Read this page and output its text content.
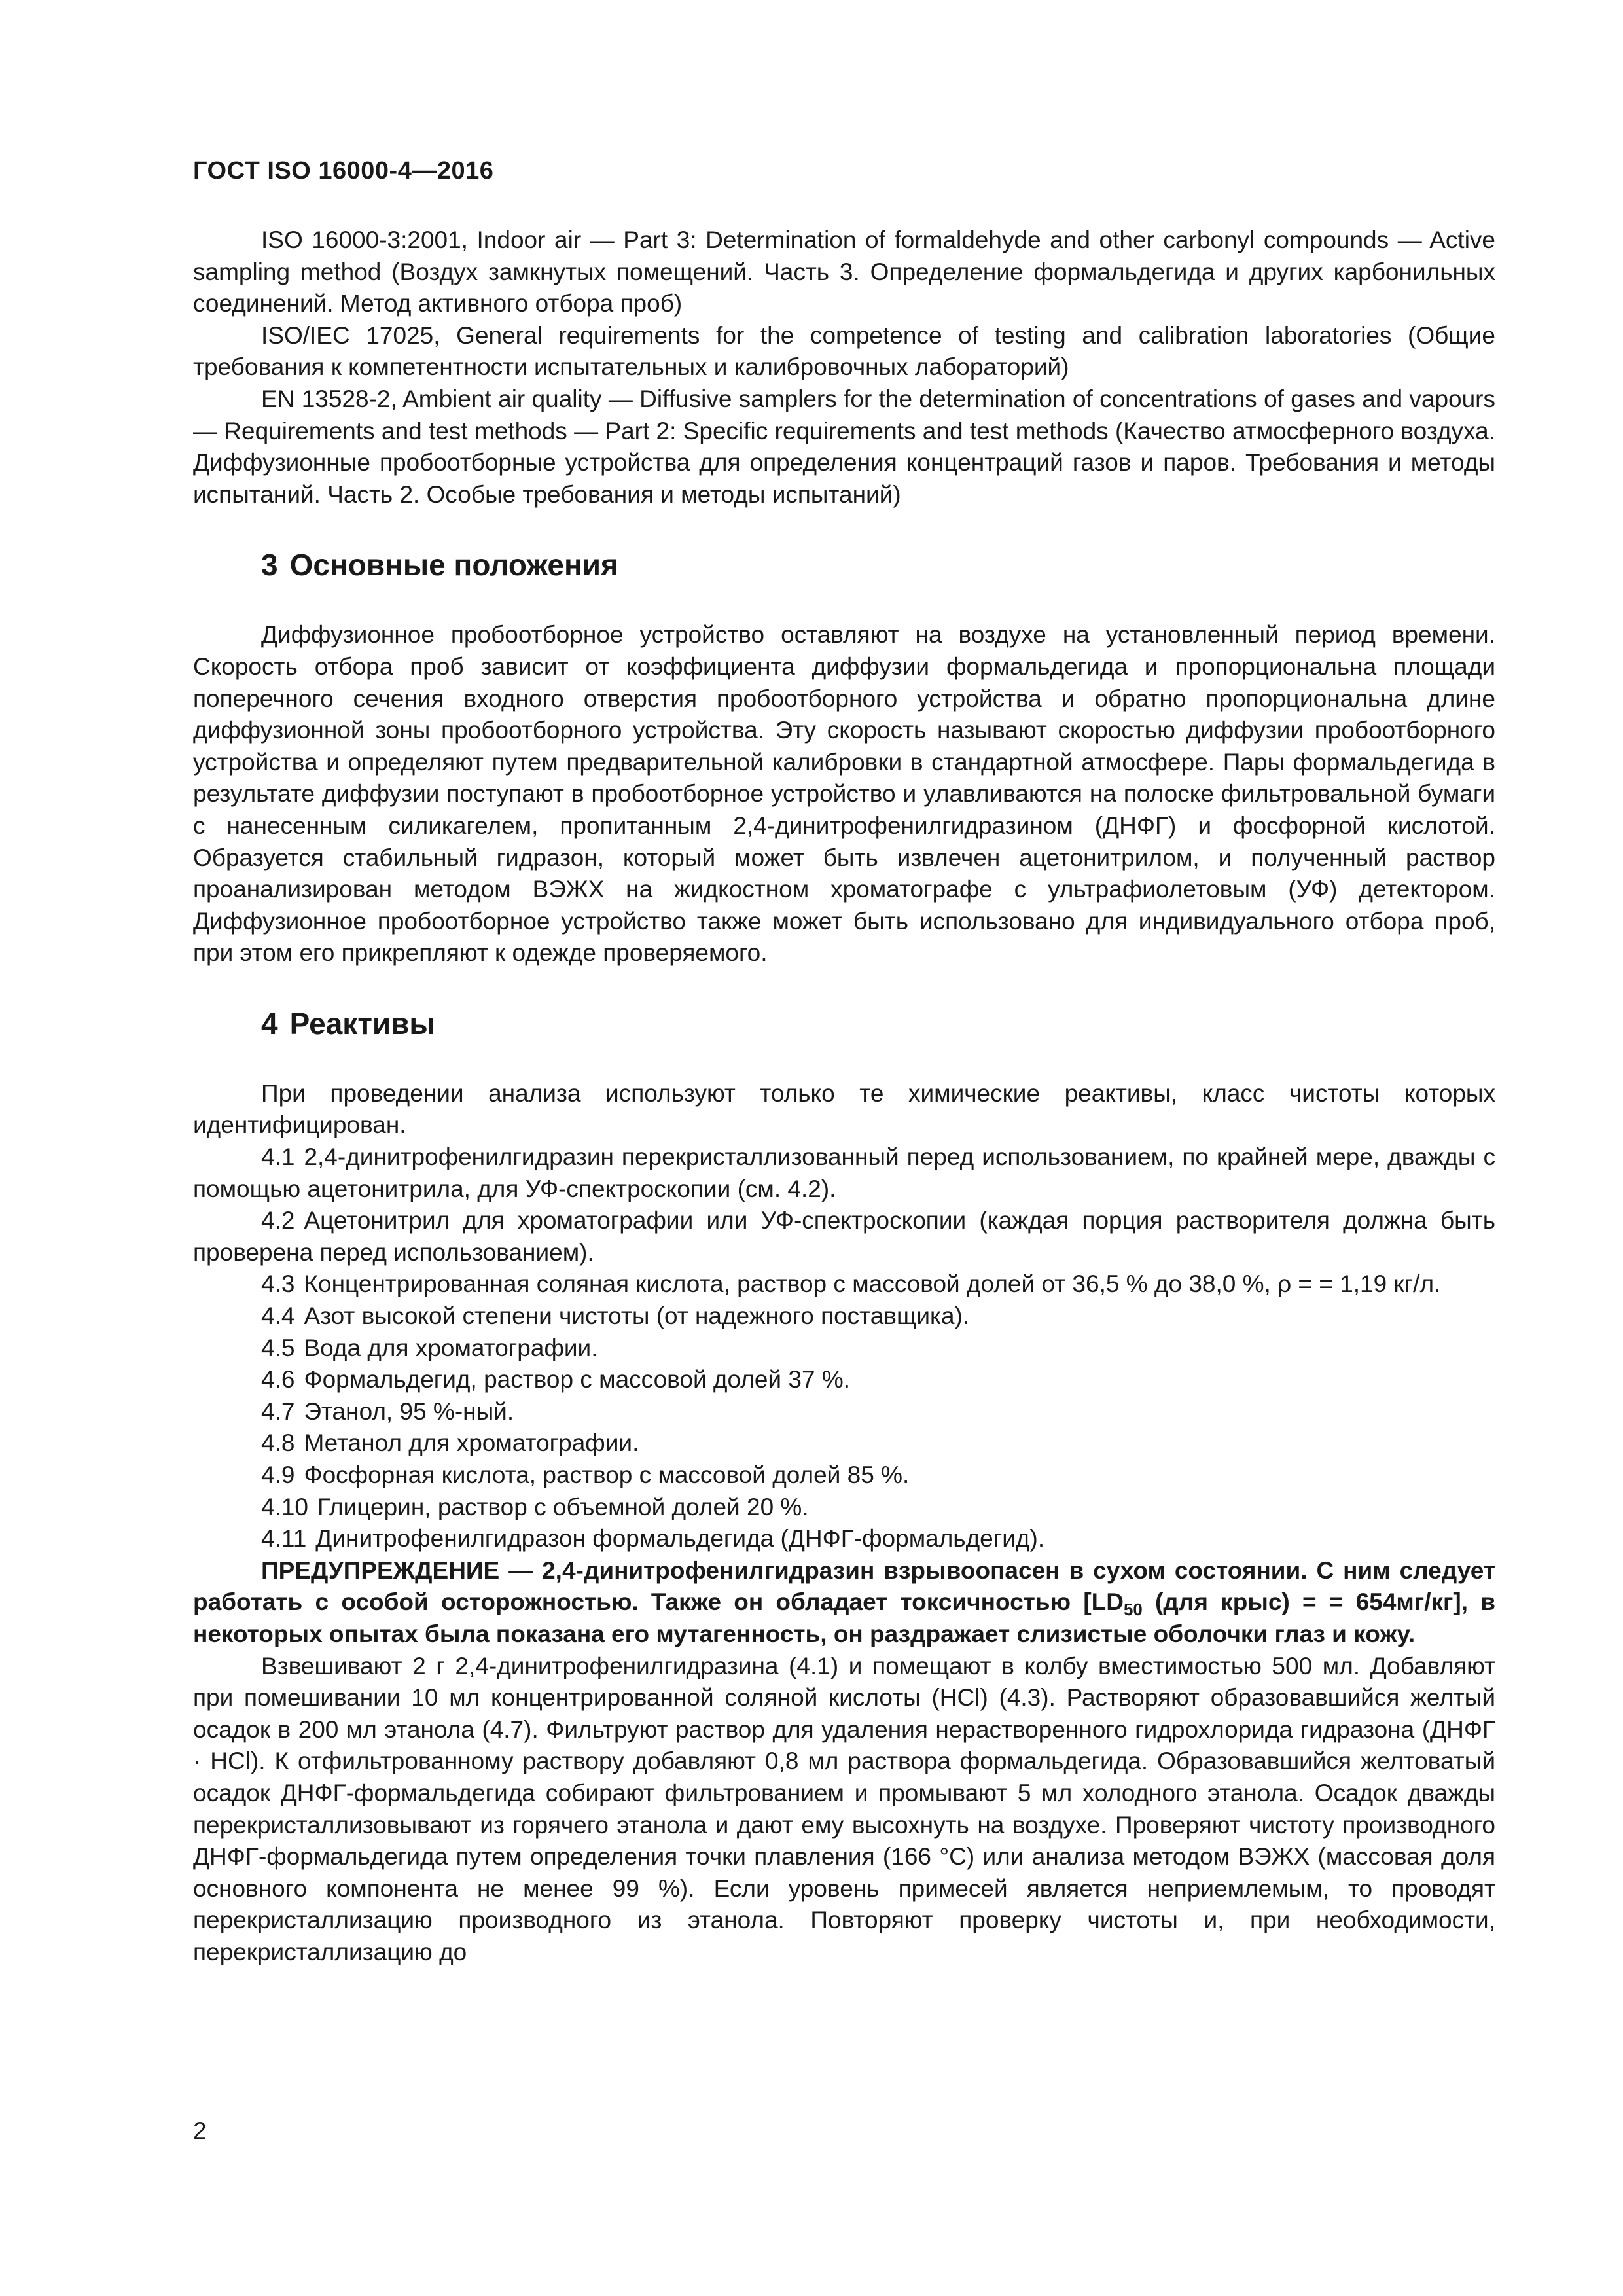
ГОСТ ISO 16000-4—2016

ISO 16000-3:2001, Indoor air — Part 3: Determination of formaldehyde and other carbonyl compounds — Active sampling method (Воздух замкнутых помещений. Часть 3. Определение формальдегида и других карбонильных соединений. Метод активного отбора проб)

ISO/IEC 17025, General requirements for the competence of testing and calibration laboratories (Общие требования к компетентности испытательных и калибровочных лабораторий)

EN 13528-2, Ambient air quality — Diffusive samplers for the determination of concentrations of gases and vapours — Requirements and test methods — Part 2: Specific requirements and test methods (Качество атмосферного воздуха. Диффузионные пробоотборные устройства для определения концентраций газов и паров. Требования и методы испытаний. Часть 2. Особые требования и методы испытаний)

3 Основные положения

Диффузионное пробоотборное устройство оставляют на воздухе на установленный период времени. Скорость отбора проб зависит от коэффициента диффузии формальдегида и пропорциональна площади поперечного сечения входного отверстия пробоотборного устройства и обратно пропорциональна длине диффузионной зоны пробоотборного устройства. Эту скорость называют скоростью диффузии пробоотборного устройства и определяют путем предварительной калибровки в стандартной атмосфере. Пары формальдегида в результате диффузии поступают в пробоотборное устройство и улавливаются на полоске фильтровальной бумаги с нанесенным силикагелем, пропитанным 2,4-динитрофенилгидразином (ДНФГ) и фосфорной кислотой. Образуется стабильный гидразон, который может быть извлечен ацетонитрилом, и полученный раствор проанализирован методом ВЭЖХ на жидкостном хроматографе с ультрафиолетовым (УФ) детектором. Диффузионное пробоотборное устройство также может быть использовано для индивидуального отбора проб, при этом его прикрепляют к одежде проверяемого.

4 Реактивы

При проведении анализа используют только те химические реактивы, класс чистоты которых идентифицирован.

4.1 2,4-динитрофенилгидразин перекристаллизованный перед использованием, по крайней мере, дважды с помощью ацетонитрила, для УФ-спектроскопии (см. 4.2).

4.2 Ацетонитрил для хроматографии или УФ-спектроскопии (каждая порция растворителя должна быть проверена перед использованием).

4.3 Концентрированная соляная кислота, раствор с массовой долей от 36,5 % до 38,0 %, ρ = = 1,19 кг/л.

4.4 Азот высокой степени чистоты (от надежного поставщика).

4.5 Вода для хроматографии.

4.6 Формальдегид, раствор с массовой долей 37 %.

4.7 Этанол, 95 %-ный.

4.8 Метанол для хроматографии.

4.9 Фосфорная кислота, раствор с массовой долей 85 %.

4.10 Глицерин, раствор с объемной долей 20 %.

4.11 Динитрофенилгидразон формальдегида (ДНФГ-формальдегид).

ПРЕДУПРЕЖДЕНИЕ — 2,4-динитрофенилгидразин взрывоопасен в сухом состоянии. С ним следует работать с особой осторожностью. Также он обладает токсичностью [$LD_{50}$ (для крыс) = = 654мг/кг], в некоторых опытах была показана его мутагенность, он раздражает слизистые оболочки глаз и кожу.

Взвешивают 2 г 2,4-динитрофенилгидразина (4.1) и помещают в колбу вместимостью 500 мл. Добавляют при помешивании 10 мл концентрированной соляной кислоты (HCl) (4.3). Растворяют образовавшийся желтый осадок в 200 мл этанола (4.7). Фильтруют раствор для удаления нерастворенного гидрохлорида гидразона (ДНФГ · HCl). К отфильтрованному раствору добавляют 0,8 мл раствора формальдегида. Образовавшийся желтоватый осадок ДНФГ-формальдегида собирают фильтрованием и промывают 5 мл холодного этанола. Осадок дважды перекристаллизовывают из горячего этанола и дают ему высохнуть на воздухе. Проверяют чистоту производного ДНФГ-формальдегида путем определения точки плавления (166 °C) или анализа методом ВЭЖХ (массовая доля основного компонента не менее 99 %). Если уровень примесей является неприемлемым, то проводят перекристаллизацию производного из этанола. Повторяют проверку чистоты и, при необходимости, перекристаллизацию до

2
